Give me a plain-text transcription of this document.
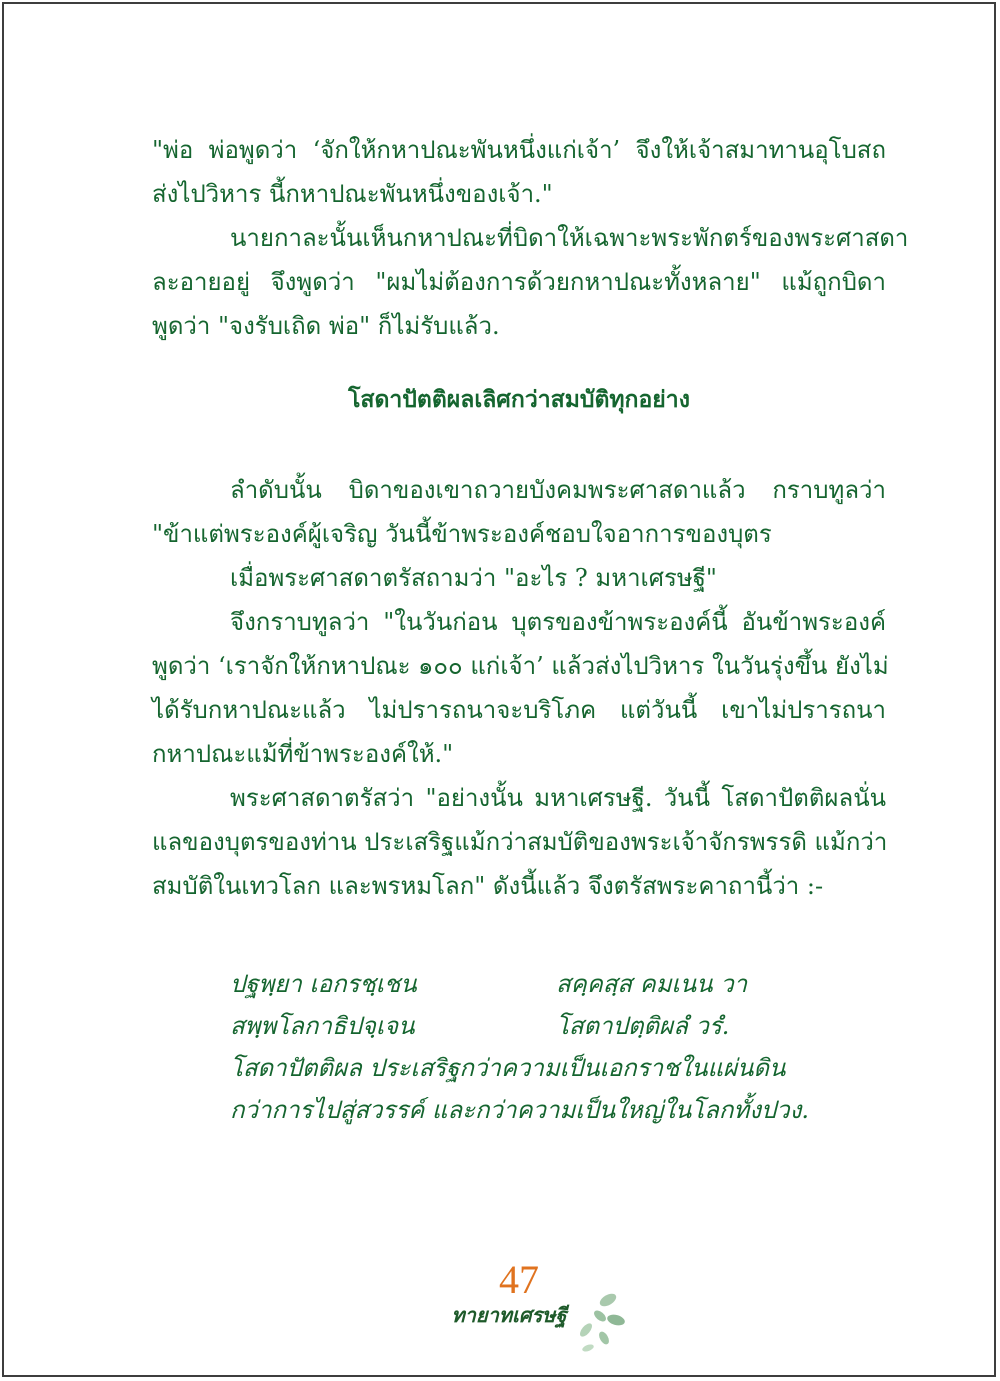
"พ่อ พ่อพูดว่า ‘จักให้กหาปณะพันหนึ่งแก่เจ้า’ จึงให้เจ้าสมาทานอุโบสถ
ส่งไปวิหาร นี้กหาปณะพันหนึ่งของเจ้า."
นายกาละนั้นเห็นกหาปณะที่บิดาให้เฉพาะพระพักตร์ของพระศาสดา
ละอายอยู่ จึงพูดว่า "ผมไม่ต้องการด้วยกหาปณะทั้งหลาย" แม้ถูกบิดา
พูดว่า "จงรับเถิด พ่อ" ก็ไม่รับแล้ว.
โสดาปัตติผลเลิศกว่าสมบัติทุกอย่าง
ลำดับนั้น บิดาของเขาถวายบังคมพระศาสดาแล้ว กราบทูลว่า
"ข้าแต่พระองค์ผู้เจริญ วันนี้ข้าพระองค์ชอบใจอาการของบุตร
เมื่อพระศาสดาตรัสถามว่า "อะไร ? มหาเศรษฐี"
จึงกราบทูลว่า "ในวันก่อน บุตรของข้าพระองค์นี้ อันข้าพระองค์
พูดว่า ‘เราจักให้กหาปณะ ๑๐๐ แก่เจ้า’ แล้วส่งไปวิหาร ในวันรุ่งขึ้น ยังไม่
ได้รับกหาปณะแล้ว ไม่ปรารถนาจะบริโภค แต่วันนี้ เขาไม่ปรารถนา
กหาปณะแม้ที่ข้าพระองค์ให้."
พระศาสดาตรัสว่า "อย่างนั้น มหาเศรษฐี. วันนี้ โสดาปัตติผลนั่น
แลของบุตรของท่าน ประเสริฐแม้กว่าสมบัติของพระเจ้าจักรพรรดิ แม้กว่า
สมบัติในเทวโลก และพรหมโลก" ดังนี้แล้ว จึงตรัสพระคาถานี้ว่า :-
ปฐพฺยา เอกรชฺเชน	สคฺคสฺส คมเนน วา
สพฺพโลกาธิปจฺเจน	โสตาปตฺติผลํ วรํ.
โสดาปัตติผล ประเสริฐกว่าความเป็นเอกราชในแผ่นดิน
กว่าการไปสู่สวรรค์ และกว่าความเป็นใหญ่ในโลกทั้งปวง.
47
ทายาทเศรษฐี
